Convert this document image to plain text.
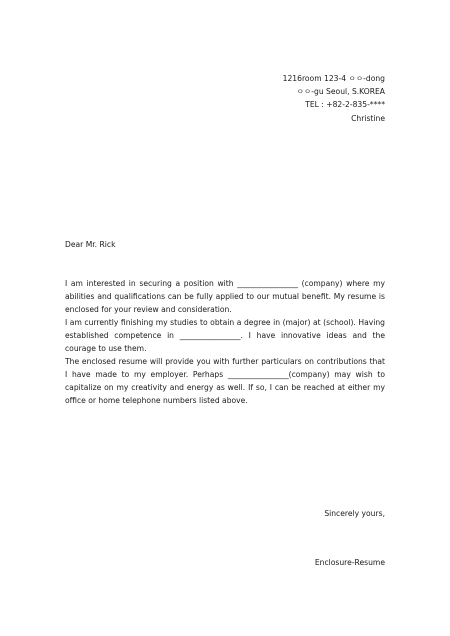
1216room 123-4 ㅇㅇ-dong
ㅇㅇ-gu Seoul, S.KOREA
TEL : +82-2-835-****
Christine
Dear Mr. Rick

I am interested in securing a position with ________________ (company) where my abilities and qualifications can be fully applied to our mutual benefit. My resume is enclosed for your review and consideration.

I am currently finishing my studies to obtain a degree in (major) at (school). Having established competence in ________________. I have innovative ideas and the courage to use them.

The enclosed resume will provide you with further particulars on contributions that I have made to my employer. Perhaps ________________(company) may wish to capitalize on my creativity and energy as well. If so, I can be reached at either my office or home telephone numbers listed above.

Sincerely yours,
Enclosure-Resume
